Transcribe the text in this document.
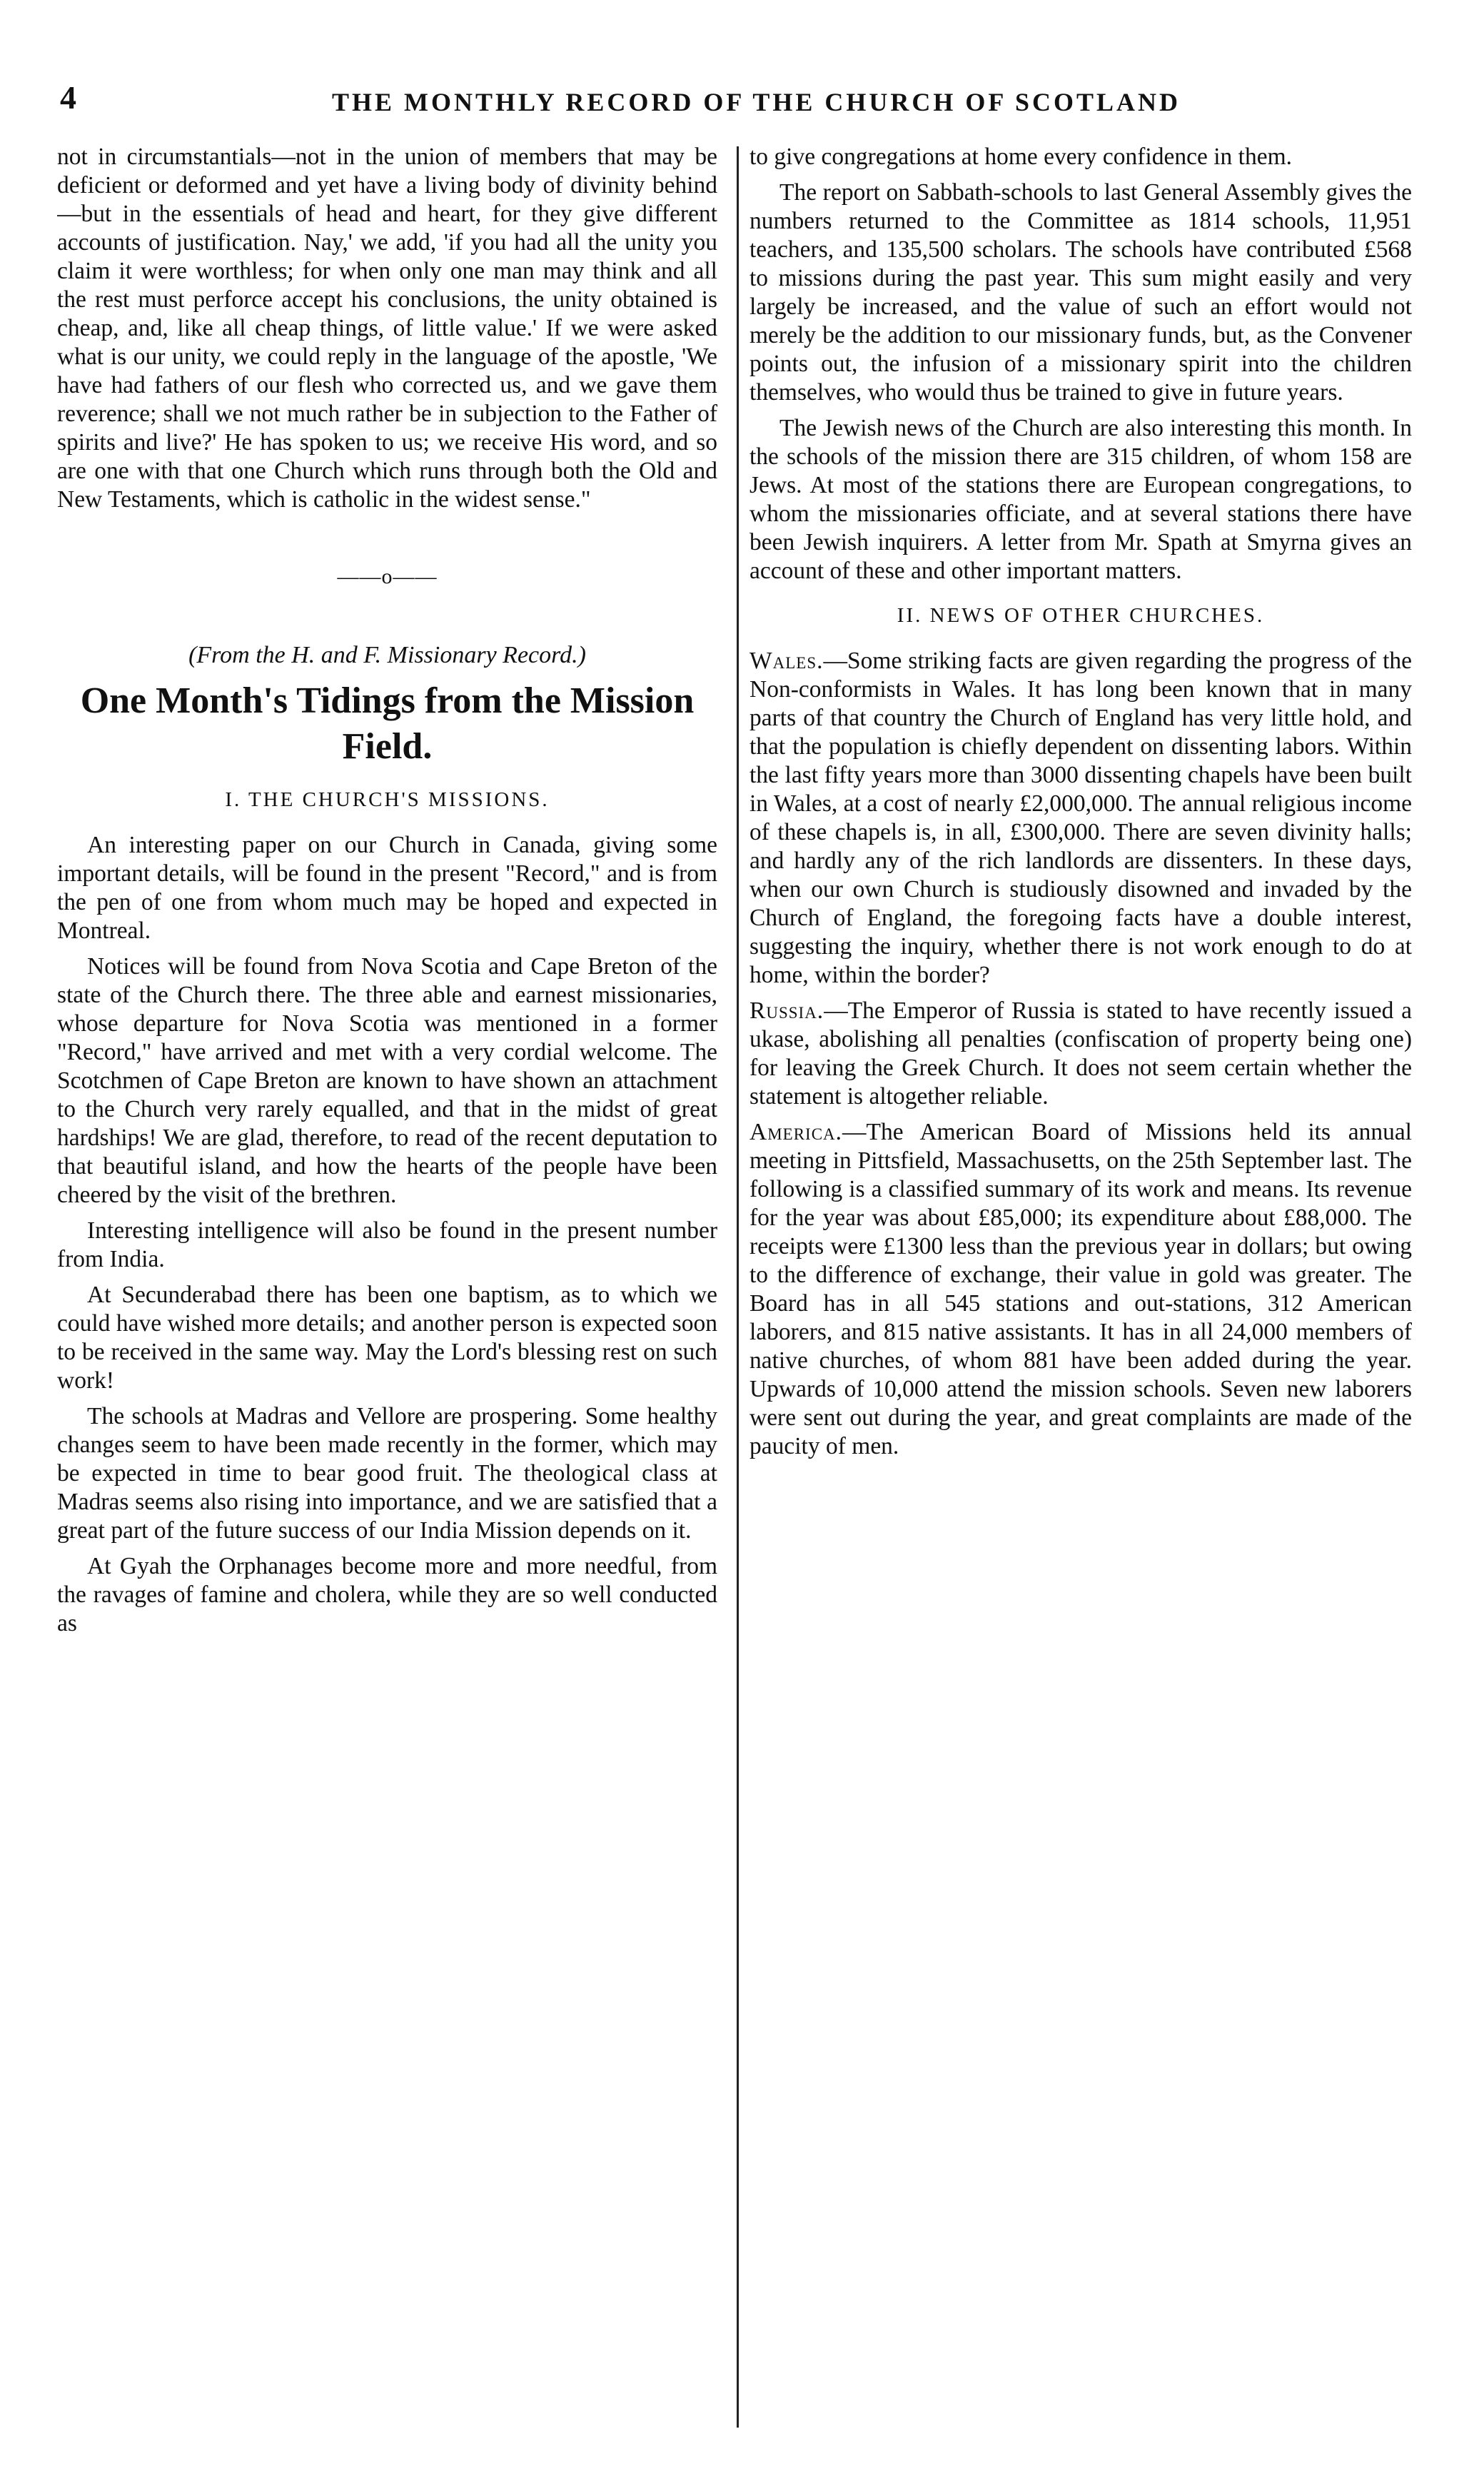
4	THE MONTHLY RECORD OF THE CHURCH OF SCOTLAND

not in circumstantials—not in the union of members that may be deficient or deformed and yet have a living body of divinity behind—but in the essentials of head and heart, for they give different accounts of justification. Nay,' we add, 'if you had all the unity you claim it were worthless; for when only one man may think and all the rest must perforce accept his conclusions, the unity obtained is cheap, and, like all cheap things, of little value.' If we were asked what is our unity, we could reply in the language of the apostle, 'We have had fathers of our flesh who corrected us, and we gave them reverence; shall we not much rather be in subjection to the Father of spirits and live?' He has spoken to us; we receive His word, and so are one with that one Church which runs through both the Old and New Testaments, which is catholic in the widest sense."

——o——
(From the H. and F. Missionary Record.)
One Month's Tidings from the Mission Field.
I. THE CHURCH'S MISSIONS.

An interesting paper on our Church in Canada, giving some important details, will be found in the present "Record," and is from the pen of one from whom much may be hoped and expected in Montreal.

Notices will be found from Nova Scotia and Cape Breton of the state of the Church there. The three able and earnest missionaries, whose departure for Nova Scotia was mentioned in a former "Record," have arrived and met with a very cordial welcome. The Scotchmen of Cape Breton are known to have shown an attachment to the Church very rarely equalled, and that in the midst of great hardships! We are glad, therefore, to read of the recent deputation to that beautiful island, and how the hearts of the people have been cheered by the visit of the brethren.

Interesting intelligence will also be found in the present number from India.

At Secunderabad there has been one baptism, as to which we could have wished more details; and another person is expected soon to be received in the same way. May the Lord's blessing rest on such work!

The schools at Madras and Vellore are prospering. Some healthy changes seem to have been made recently in the former, which may be expected in time to bear good fruit. The theological class at Madras seems also rising into importance, and we are satisfied that a great part of the future success of our India Mission depends on it.

At Gyah the Orphanages become more and more needful, from the ravages of famine and cholera, while they are so well conducted as

to give congregations at home every confidence in them.

The report on Sabbath-schools to last General Assembly gives the numbers returned to the Committee as 1814 schools, 11,951 teachers, and 135,500 scholars. The schools have contributed £568 to missions during the past year. This sum might easily and very largely be increased, and the value of such an effort would not merely be the addition to our missionary funds, but, as the Convener points out, the infusion of a missionary spirit into the children themselves, who would thus be trained to give in future years.

The Jewish news of the Church are also interesting this month. In the schools of the mission there are 315 children, of whom 158 are Jews. At most of the stations there are European congregations, to whom the missionaries officiate, and at several stations there have been Jewish inquirers. A letter from Mr. Spath at Smyrna gives an account of these and other important matters.

II. NEWS OF OTHER CHURCHES.

Wales.—Some striking facts are given regarding the progress of the Non-conformists in Wales. It has long been known that in many parts of that country the Church of England has very little hold, and that the population is chiefly dependent on dissenting labors. Within the last fifty years more than 3000 dissenting chapels have been built in Wales, at a cost of nearly £2,000,000. The annual religious income of these chapels is, in all, £300,000. There are seven divinity halls; and hardly any of the rich landlords are dissenters. In these days, when our own Church is studiously disowned and invaded by the Church of England, the foregoing facts have a double interest, suggesting the inquiry, whether there is not work enough to do at home, within the border?

Russia.—The Emperor of Russia is stated to have recently issued a ukase, abolishing all penalties (confiscation of property being one) for leaving the Greek Church. It does not seem certain whether the statement is altogether reliable.

America.—The American Board of Missions held its annual meeting in Pittsfield, Massachusetts, on the 25th September last. The following is a classified summary of its work and means. Its revenue for the year was about £85,000; its expenditure about £88,000. The receipts were £1300 less than the previous year in dollars; but owing to the difference of exchange, their value in gold was greater. The Board has in all 545 stations and out-stations, 312 American laborers, and 815 native assistants. It has in all 24,000 members of native churches, of whom 881 have been added during the year. Upwards of 10,000 attend the mission schools. Seven new laborers were sent out during the year, and great complaints are made of the paucity of men.
